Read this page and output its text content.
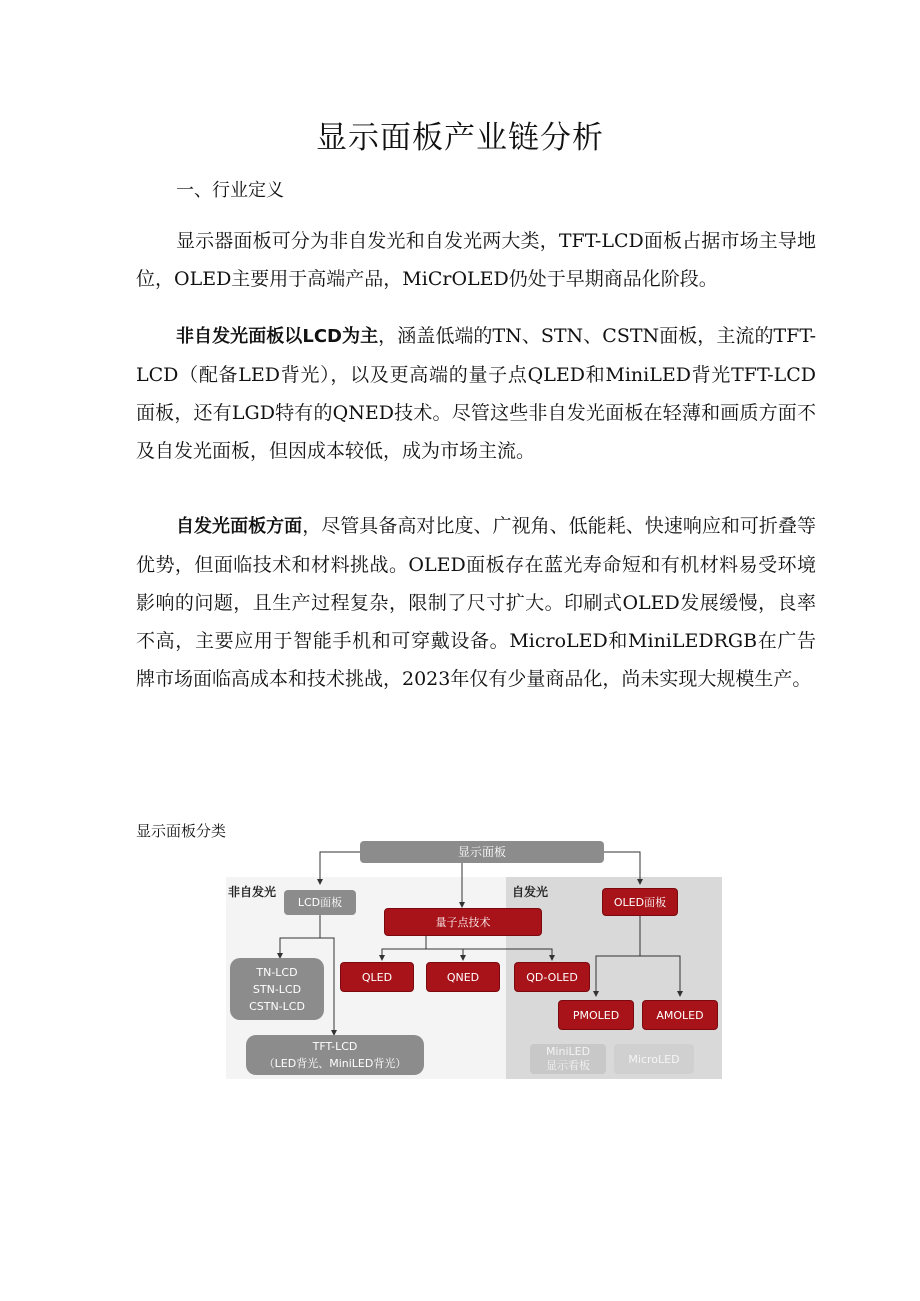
显示面板产业链分析
一、行业定义
显示器面板可分为非自发光和自发光两大类，TFT-LCD面板占据市场主导地位，OLED主要用于高端产品，MiCrOLED仍处于早期商品化阶段。
非自发光面板以LCD为主，涵盖低端的TN、STN、CSTN面板，主流的TFT-LCD（配备LED背光），以及更高端的量子点QLED和MiniLED背光TFT-LCD面板，还有LGD特有的QNED技术。尽管这些非自发光面板在轻薄和画质方面不及自发光面板，但因成本较低，成为市场主流。
自发光面板方面，尽管具备高对比度、广视角、低能耗、快速响应和可折叠等优势，但面临技术和材料挑战。OLED面板存在蓝光寿命短和有机材料易受环境影响的问题，且生产过程复杂，限制了尺寸扩大。印刷式OLED发展缓慢，良率不高，主要应用于智能手机和可穿戴设备。MicroLED和MiniLEDRGB在广告牌市场面临高成本和技术挑战，2023年仅有少量商品化，尚未实现大规模生产。
显示面板分类
显示面板
非自发光	自发光
LCD面板
量子点技术
OLED面板
TN-LCD
STN-LCD
CSTN-LCD
QLED	QNED	QD-OLED
PMOLED	AMOLED
TFT-LCD
（LED背光、MiniLED背光）
MiniLED
显示看板	MicroLED
